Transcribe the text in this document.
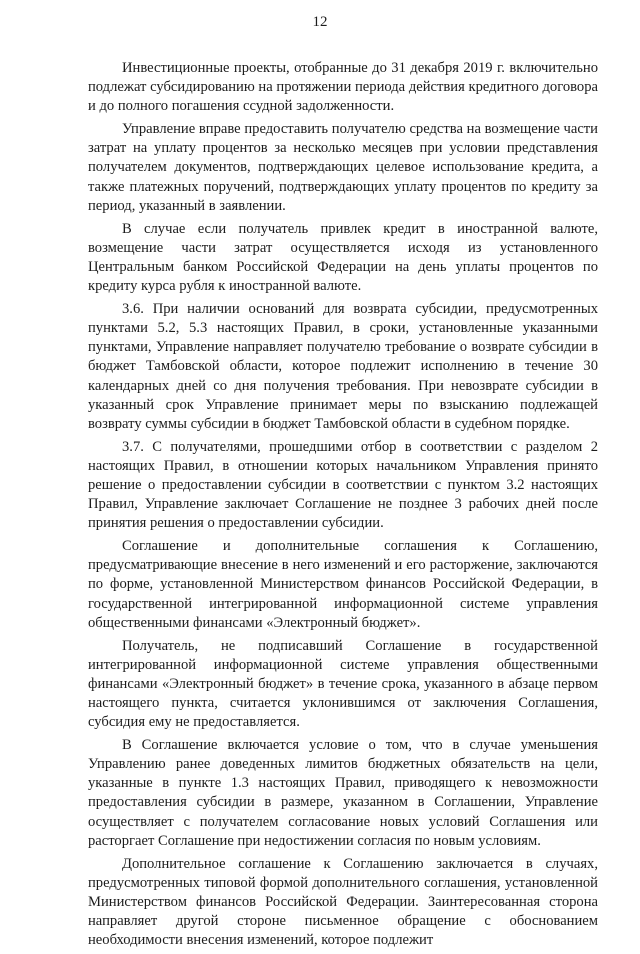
12

Инвестиционные проекты, отобранные до 31 декабря 2019 г. включительно подлежат субсидированию на протяжении периода действия кредитного договора и до полного погашения ссудной задолженности.

Управление вправе предоставить получателю средства на возмещение части затрат на уплату процентов за несколько месяцев при условии представления получателем документов, подтверждающих целевое использование кредита, а также платежных поручений, подтверждающих уплату процентов по кредиту за период, указанный в заявлении.

В случае если получатель привлек кредит в иностранной валюте, возмещение части затрат осуществляется исходя из установленного Центральным банком Российской Федерации на день уплаты процентов по кредиту курса рубля к иностранной валюте.

3.6. При наличии оснований для возврата субсидии, предусмотренных пунктами 5.2, 5.3 настоящих Правил, в сроки, установленные указанными пунктами, Управление направляет получателю требование о возврате субсидии в бюджет Тамбовской области, которое подлежит исполнению в течение 30 календарных дней со дня получения требования. При невозврате субсидии в указанный срок Управление принимает меры по взысканию подлежащей возврату суммы субсидии в бюджет Тамбовской области в судебном порядке.

3.7. С получателями, прошедшими отбор в соответствии с разделом 2 настоящих Правил, в отношении которых начальником Управления принято решение о предоставлении субсидии в соответствии с пунктом 3.2 настоящих Правил, Управление заключает Соглашение не позднее 3 рабочих дней после принятия решения о предоставлении субсидии.

Соглашение и дополнительные соглашения к Соглашению, предусматривающие внесение в него изменений и его расторжение, заключаются по форме, установленной Министерством финансов Российской Федерации, в государственной интегрированной информационной системе управления общественными финансами «Электронный бюджет».

Получатель, не подписавший Соглашение в государственной интегрированной информационной системе управления общественными финансами «Электронный бюджет» в течение срока, указанного в абзаце первом настоящего пункта, считается уклонившимся от заключения Соглашения, субсидия ему не предоставляется.

В Соглашение включается условие о том, что в случае уменьшения Управлению ранее доведенных лимитов бюджетных обязательств на цели, указанные в пункте 1.3 настоящих Правил, приводящего к невозможности предоставления субсидии в размере, указанном в Соглашении, Управление осуществляет с получателем согласование новых условий Соглашения или расторгает Соглашение при недостижении согласия по новым условиям.

Дополнительное соглашение к Соглашению заключается в случаях, предусмотренных типовой формой дополнительного соглашения, установленной Министерством финансов Российской Федерации. Заинтересованная сторона направляет другой стороне письменное обращение с обоснованием необходимости внесения изменений, которое подлежит
